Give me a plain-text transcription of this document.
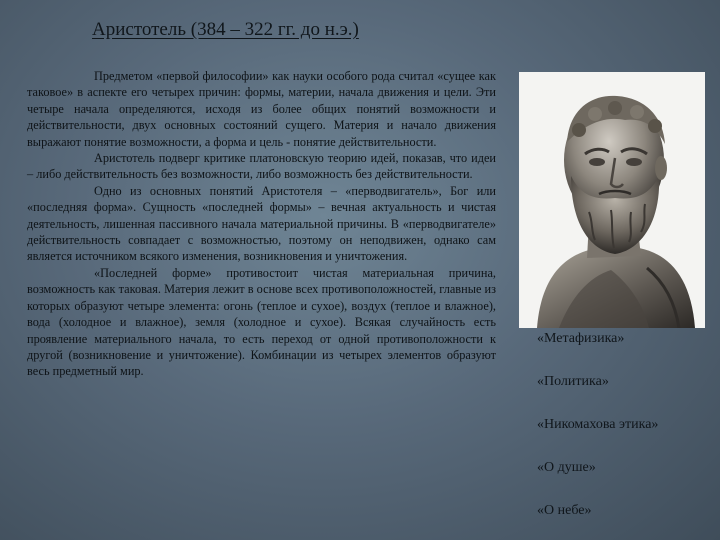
Аристотель (384 – 322 гг. до н.э.)

Предметом «первой философии» как науки особого рода считал «сущее как таковое» в аспекте его четырех причин: формы, материи, начала движения и цели. Эти четыре начала определяются, исходя из более общих понятий возможности и действительности, двух основных состояний сущего. Материя и начало движения выражают понятие возможности, а форма и цель - понятие действительности.

Аристотель подверг критике платоновскую теорию идей, показав, что идеи – либо действительность без возможности, либо возможность без действительности.

Одно из основных понятий Аристотеля – «перводвигатель», Бог или «последняя форма». Сущность «последней формы» – вечная актуальность и чистая деятельность, лишенная пассивного начала материальной причины. В «перводвигателе» действительность совпадает с возможностью, поэтому он неподвижен, однако сам является источником всякого изменения, возникновения и уничтожения.

«Последней форме» противостоит чистая материальная причина, возможность как таковая. Материя лежит в основе всех противоположностей, главные из которых образуют четыре элемента: огонь (теплое и сухое), воздух (теплое и влажное), вода (холодное и влажное), земля (холодное и сухое). Всякая случайность есть проявление материального начала, то есть переход от одной противоположности к другой (возникновение и уничтожение). Комбинации из четырех элементов образуют весь предметный мир.

«Метафизика»
«Политика»
«Никомахова этика»
«О душе»
«О небе»
